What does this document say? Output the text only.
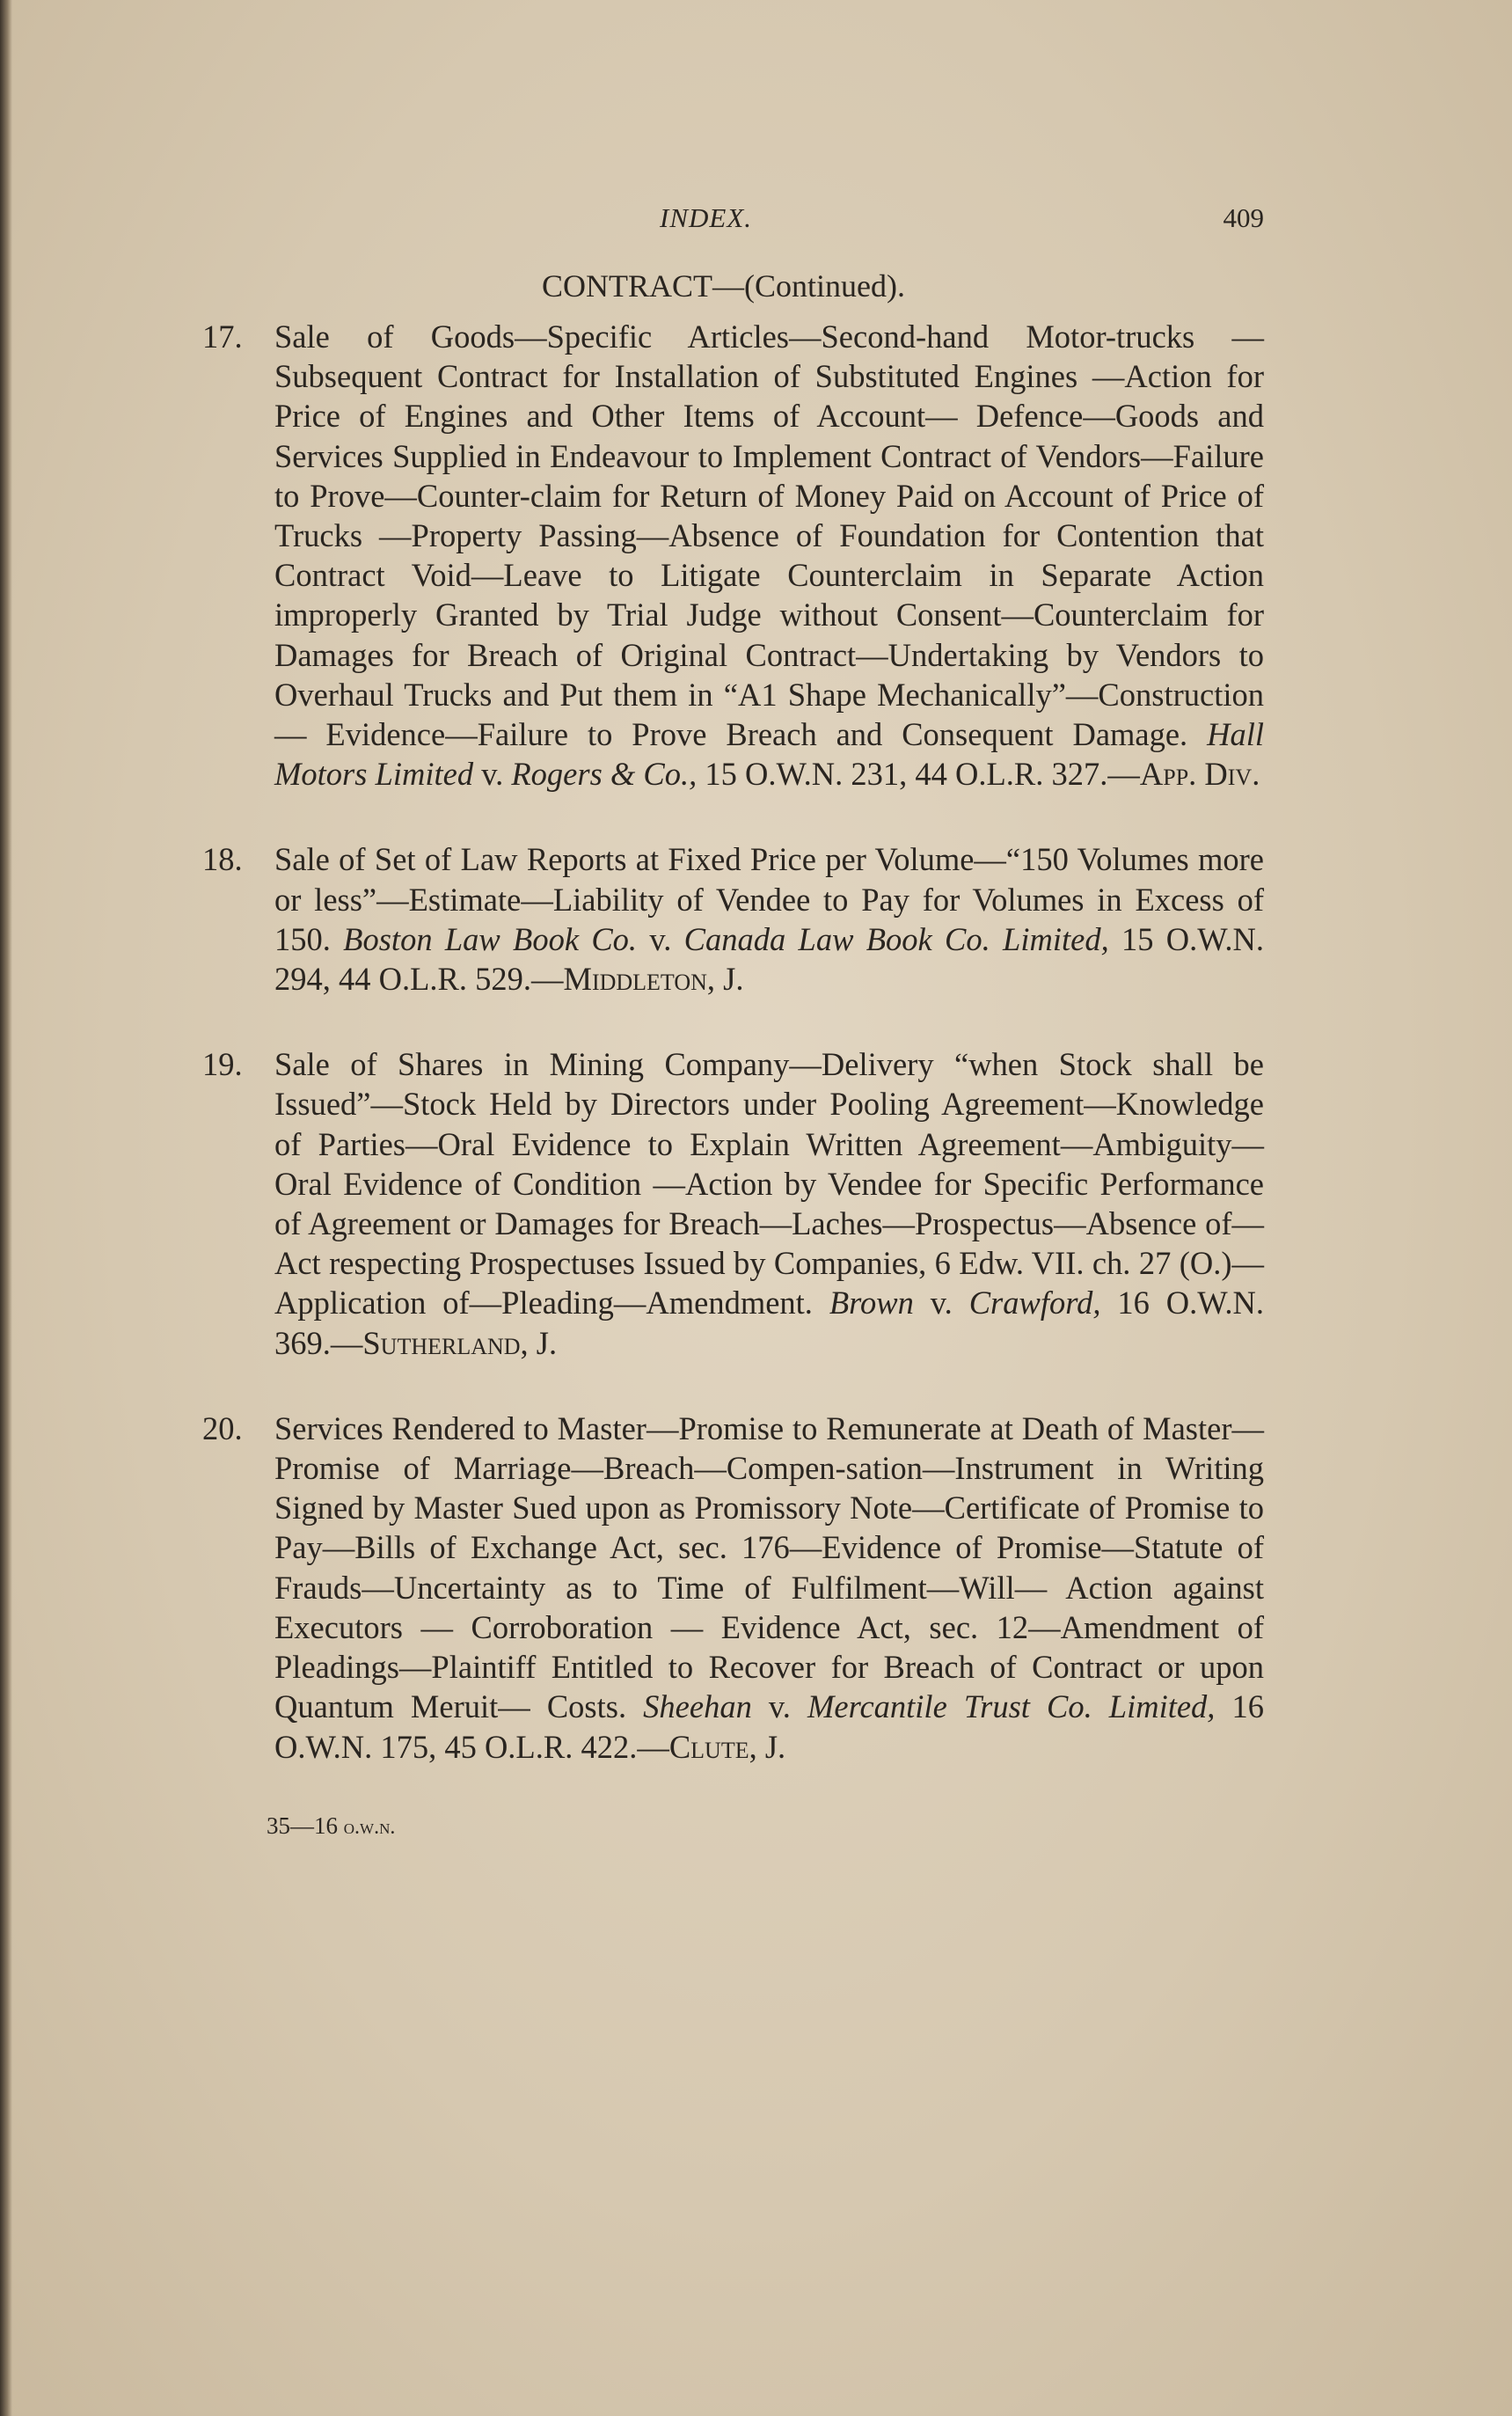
INDEX.	409
CONTRACT—(Continued).
17. Sale of Goods—Specific Articles—Second-hand Motor-trucks —Subsequent Contract for Installation of Substituted Engines —Action for Price of Engines and Other Items of Account— Defence—Goods and Services Supplied in Endeavour to Implement Contract of Vendors—Failure to Prove—Counter-claim for Return of Money Paid on Account of Price of Trucks —Property Passing—Absence of Foundation for Contention that Contract Void—Leave to Litigate Counterclaim in Separate Action improperly Granted by Trial Judge without Consent—Counterclaim for Damages for Breach of Original Contract—Undertaking by Vendors to Overhaul Trucks and Put them in “A1 Shape Mechanically”—Construction— Evidence—Failure to Prove Breach and Consequent Damage. Hall Motors Limited v. Rogers & Co., 15 O.W.N. 231, 44 O.L.R. 327.—App. Div.
18. Sale of Set of Law Reports at Fixed Price per Volume—“150 Volumes more or less”—Estimate—Liability of Vendee to Pay for Volumes in Excess of 150. Boston Law Book Co. v. Canada Law Book Co. Limited, 15 O.W.N. 294, 44 O.L.R. 529.—Middleton, J.
19. Sale of Shares in Mining Company—Delivery “when Stock shall be Issued”—Stock Held by Directors under Pooling Agreement—Knowledge of Parties—Oral Evidence to Explain Written Agreement—Ambiguity—Oral Evidence of Condition —Action by Vendee for Specific Performance of Agreement or Damages for Breach—Laches—Prospectus—Absence of— Act respecting Prospectuses Issued by Companies, 6 Edw. VII. ch. 27 (O.)—Application of—Pleading—Amendment. Brown v. Crawford, 16 O.W.N. 369.—Sutherland, J.
20. Services Rendered to Master—Promise to Remunerate at Death of Master—Promise of Marriage—Breach—Compen-sation—Instrument in Writing Signed by Master Sued upon as Promissory Note—Certificate of Promise to Pay—Bills of Exchange Act, sec. 176—Evidence of Promise—Statute of Frauds—Uncertainty as to Time of Fulfilment—Will— Action against Executors — Corroboration — Evidence Act, sec. 12—Amendment of Pleadings—Plaintiff Entitled to Recover for Breach of Contract or upon Quantum Meruit— Costs. Sheehan v. Mercantile Trust Co. Limited, 16 O.W.N. 175, 45 O.L.R. 422.—Clute, J.
35—16 o.w.n.
